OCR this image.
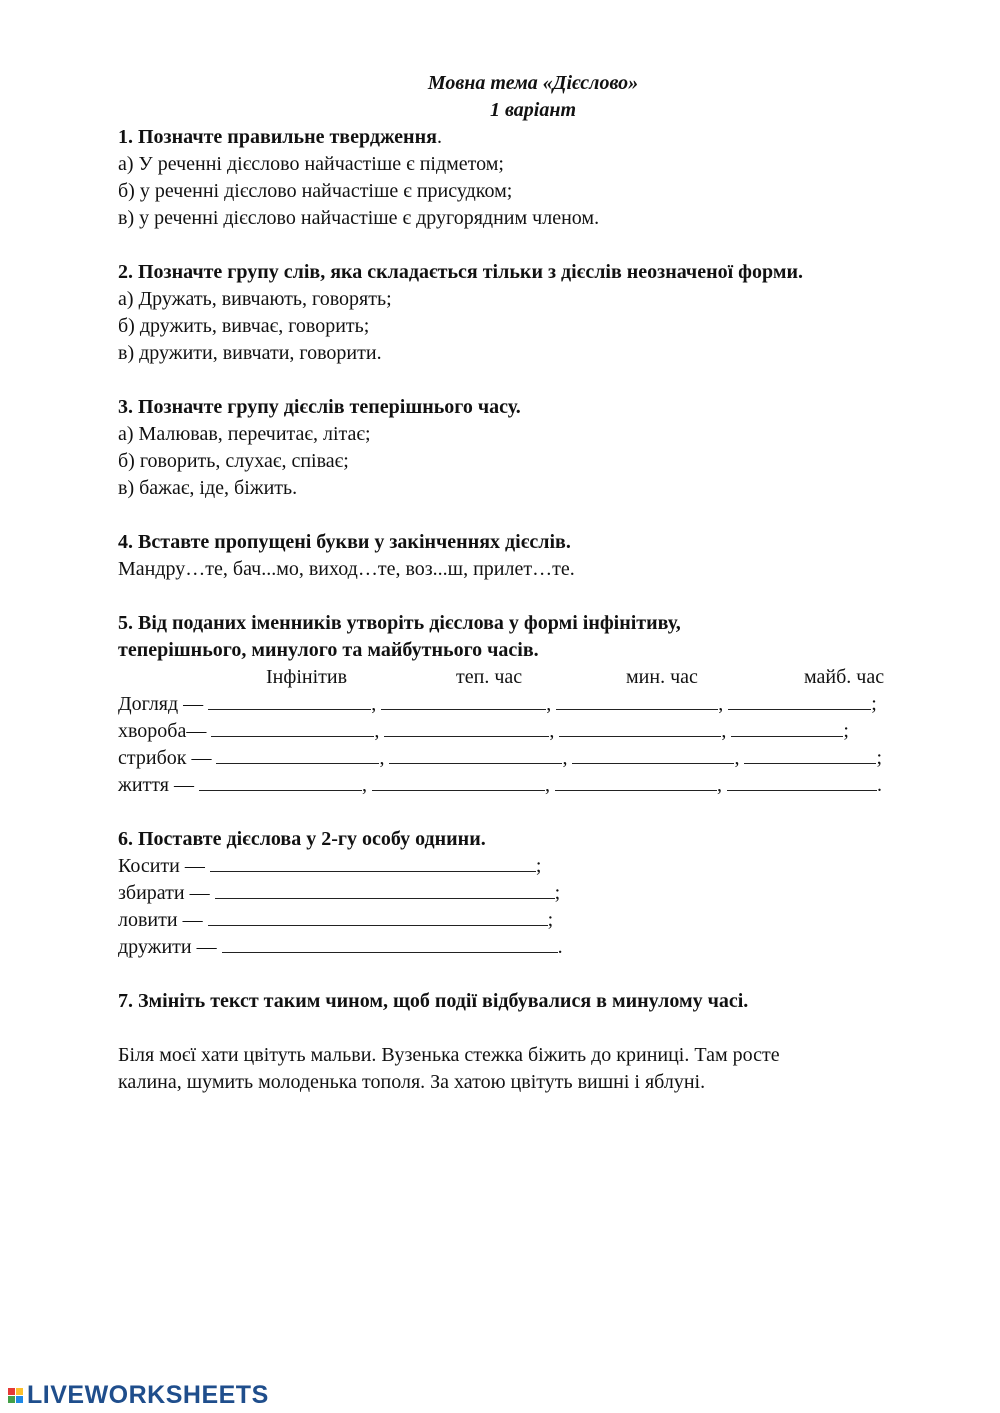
Мовна тема «Дієслово»
1 варіант
1. Позначте правильне твердження.
а) У реченні дієслово найчастіше є підметом;
б) у реченні дієслово найчастіше є присудком;
в) у реченні дієслово найчастіше є другорядним членом.
2. Позначте групу слів, яка складається тільки з дієслів неозначеної форми.
а) Дружать, вивчають, говорять;
б) дружить, вивчає, говорить;
в) дружити, вивчати, говорити.
3. Позначте групу дієслів теперішнього часу.
а) Малював, перечитає, літає;
б) говорить, слухає, співає;
в) бажає, іде, біжить.
4. Вставте пропущені букви у закінченнях дієслів.
Мандру…те, бач...мо, виход…те, воз...ш, прилет…те.
5. Від поданих іменників утворіть дієслова у формі інфінітиву,
теперішнього, минулого та майбутнього часів.
Інфінітив	теп. час	мин. час	майб. час
Догляд —	,	,	,	;
хвороба—	,	,	,	;
стрибок —	,	,	,	;
життя —	,	,	,	.
6. Поставте дієслова у 2-гу особу однини.
Косити —	;
збирати —	;
ловити —	;
дружити —	.
7. Змініть текст таким чином, щоб події відбувалися в минулому часі.
Біля моєї хати цвітуть мальви. Вузенька стежка біжить до криниці. Там росте
калина, шумить молоденька тополя. За хатою цвітуть вишні і яблуні.
LIVEWORKSHEETS
